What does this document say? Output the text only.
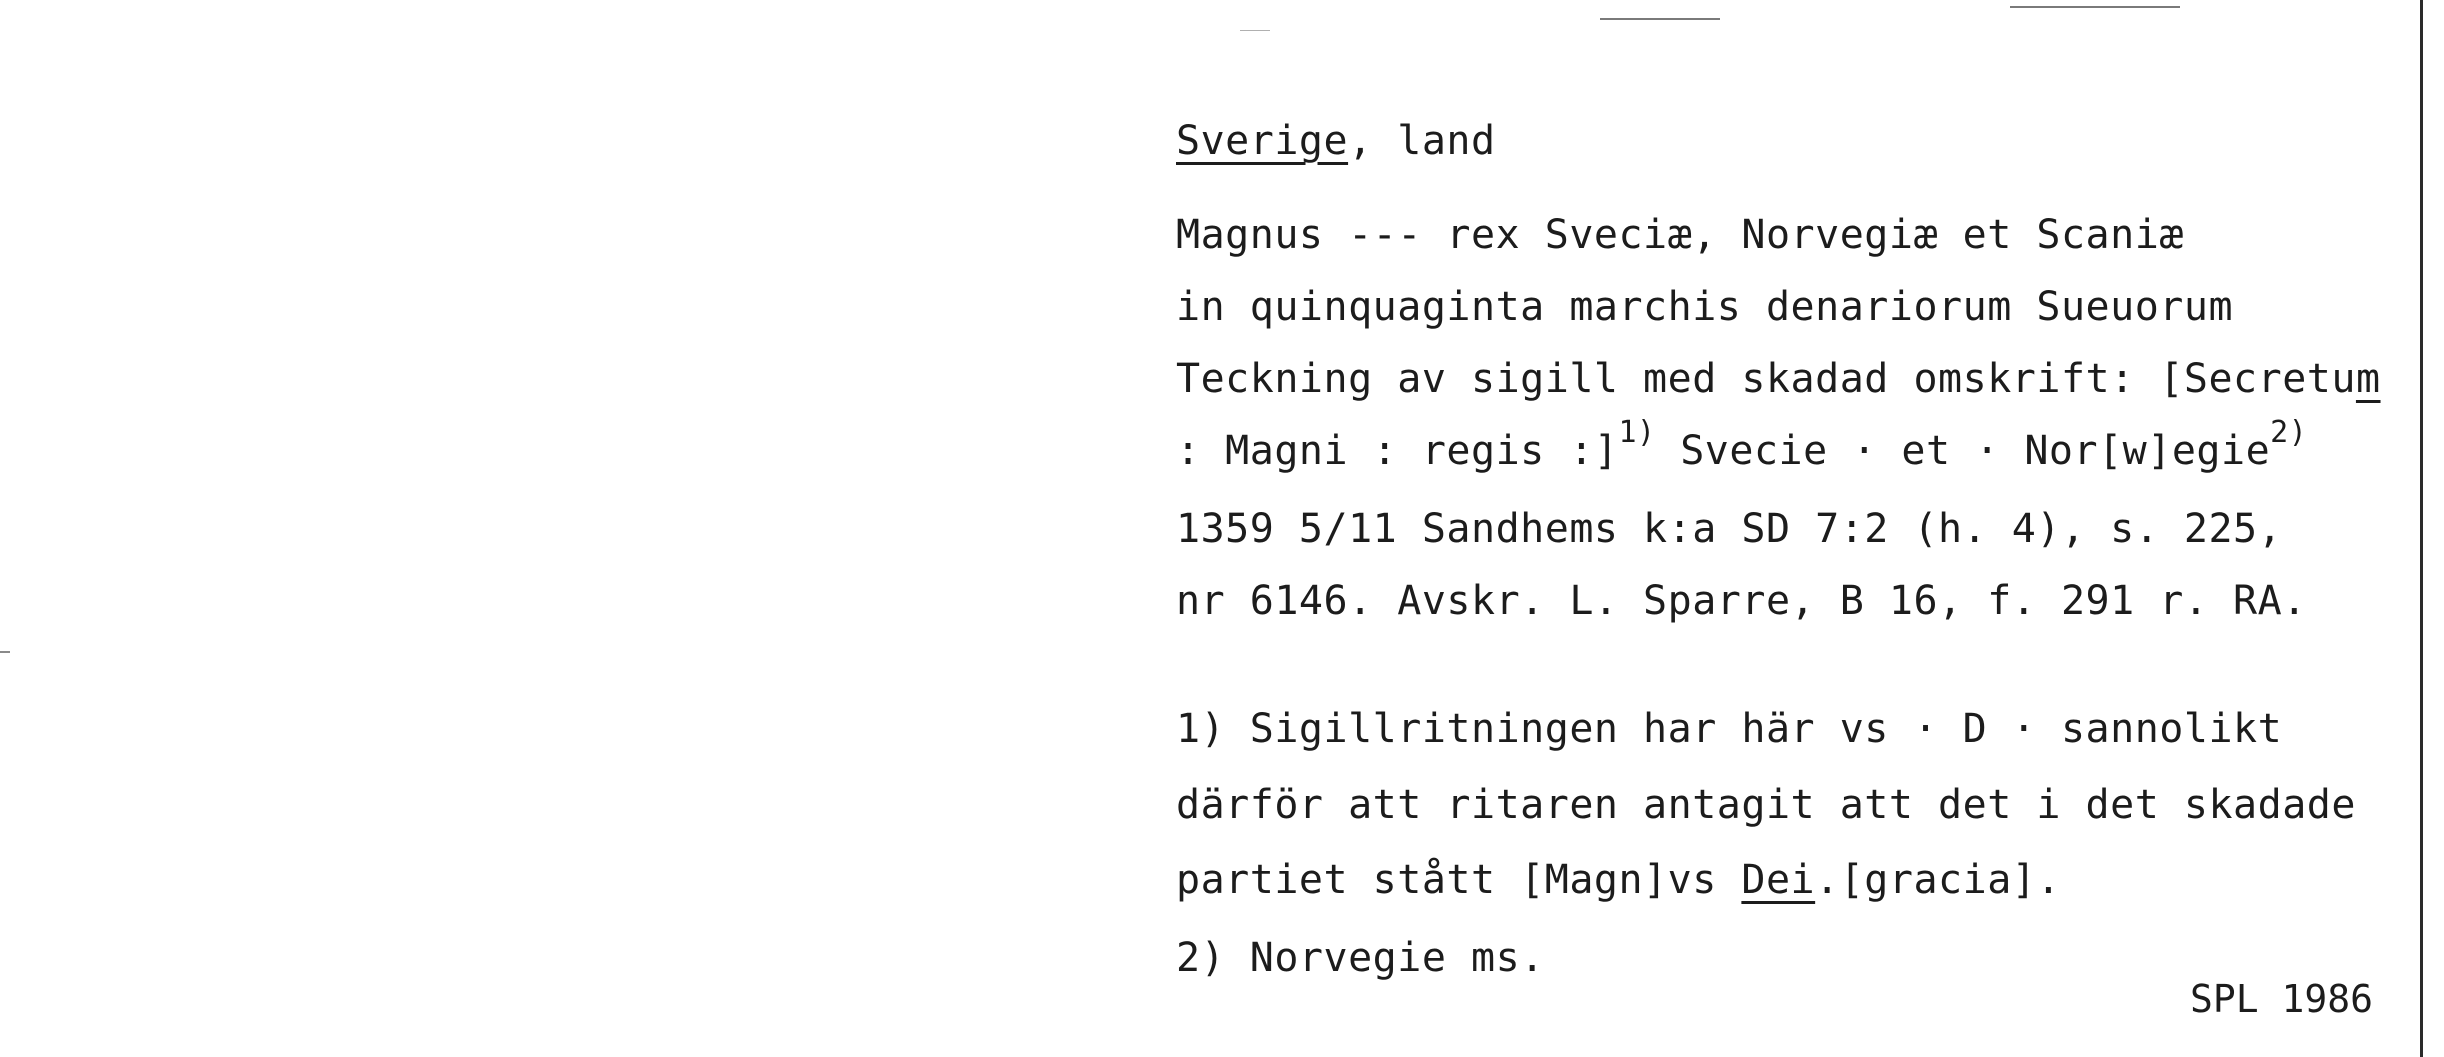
Sverige, land
Magnus --- rex Sveciæ, Norvegiæ et Scaniæ
in quinquaginta marchis denariorum Sueuorum
Teckning av sigill med skadad omskrift: [Secretum
: Magni : regis :]$^{1)}$ Svecie · et · Nor[w]egie$^{2)}$
1359 5/11 Sandhems k:a SD 7:2 (h. 4), s. 225,
nr 6146. Avskr. L. Sparre, B 16, f. 291 r. RA.
1) Sigillritningen har här vs · D · sannolikt
därför att ritaren antagit att det i det skadade
partiet stått [Magn]vs Dei.[gracia].
2) Norvegie ms.
SPL 1986
